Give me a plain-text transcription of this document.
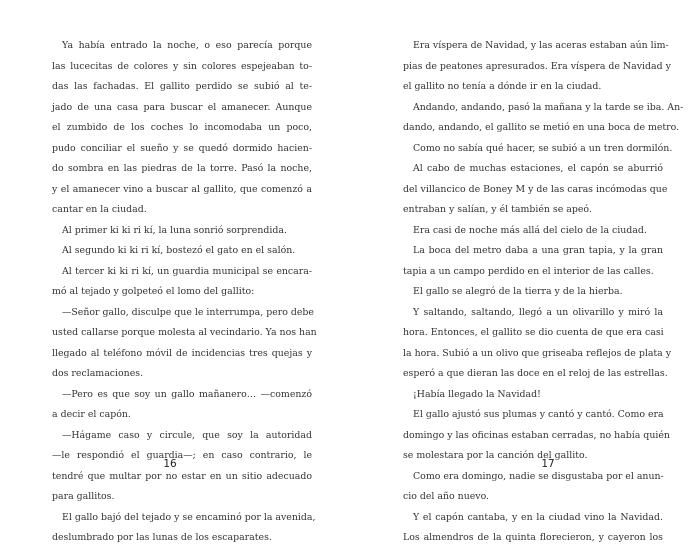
Ya había entrado la noche, o eso parecía porque
las lucecitas de colores y sin colores espejeaban to-
das las fachadas. El gallito perdido se subió al te-
jado de una casa para buscar el amanecer. Aunque
el zumbido de los coches lo incomodaba un poco,
pudo conciliar el sueño y se quedó dormido hacien-
do sombra en las piedras de la torre. Pasó la noche,
y el amanecer vino a buscar al gallito, que comenzó a
cantar en la ciudad.
Al primer ki ki ri kí, la luna sonrió sorprendida.
Al segundo ki ki ri kí, bostezó el gato en el salón.
Al tercer ki ki ri kí, un guardia municipal se encara-
mó al tejado y golpeteó el lomo del gallito:
—Señor gallo, disculpe que le interrumpa, pero debe
usted callarse porque molesta al vecindario. Ya nos han
llegado al teléfono móvil de incidencias tres quejas y
dos reclamaciones.
—Pero es que soy un gallo mañanero… —comenzó
a decir el capón.
—Hágame caso y circule, que soy la autoridad
—le respondió el guardia—; en caso contrario, le
tendré que multar por no estar en un sitio adecuado
para gallitos.
El gallo bajó del tejado y se encaminó por la avenida,
deslumbrado por las lunas de los escaparates.
16
Era víspera de Navidad, y las aceras estaban aún lim-
pias de peatones apresurados. Era víspera de Navidad y
el gallito no tenía a dónde ir en la ciudad.
Andando, andando, pasó la mañana y la tarde se iba. An-
dando, andando, el gallito se metió en una boca de metro.
Como no sabía qué hacer, se subió a un tren dormilón.
Al cabo de muchas estaciones, el capón se aburrió
del villancico de Boney M y de las caras incómodas que
entraban y salían, y él también se apeó.
Era casi de noche más allá del cielo de la ciudad.
La boca del metro daba a una gran tapia, y la gran
tapia a un campo perdido en el interior de las calles.
El gallo se alegró de la tierra y de la hierba.
Y saltando, saltando, llegó a un olivarillo y miró la
hora. Entonces, el gallito se dio cuenta de que era casi
la hora. Subió a un olivo que griseaba reflejos de plata y
esperó a que dieran las doce en el reloj de las estrellas.
¡Había llegado la Navidad!
El gallo ajustó sus plumas y cantó y cantó. Como era
domingo y las oficinas estaban cerradas, no había quién
se molestara por la canción del gallito.
Como era domingo, nadie se disgustaba por el anun-
cio del año nuevo.
Y el capón cantaba, y en la ciudad vino la Navidad.
Los almendros de la quinta florecieron, y cayeron los
17
